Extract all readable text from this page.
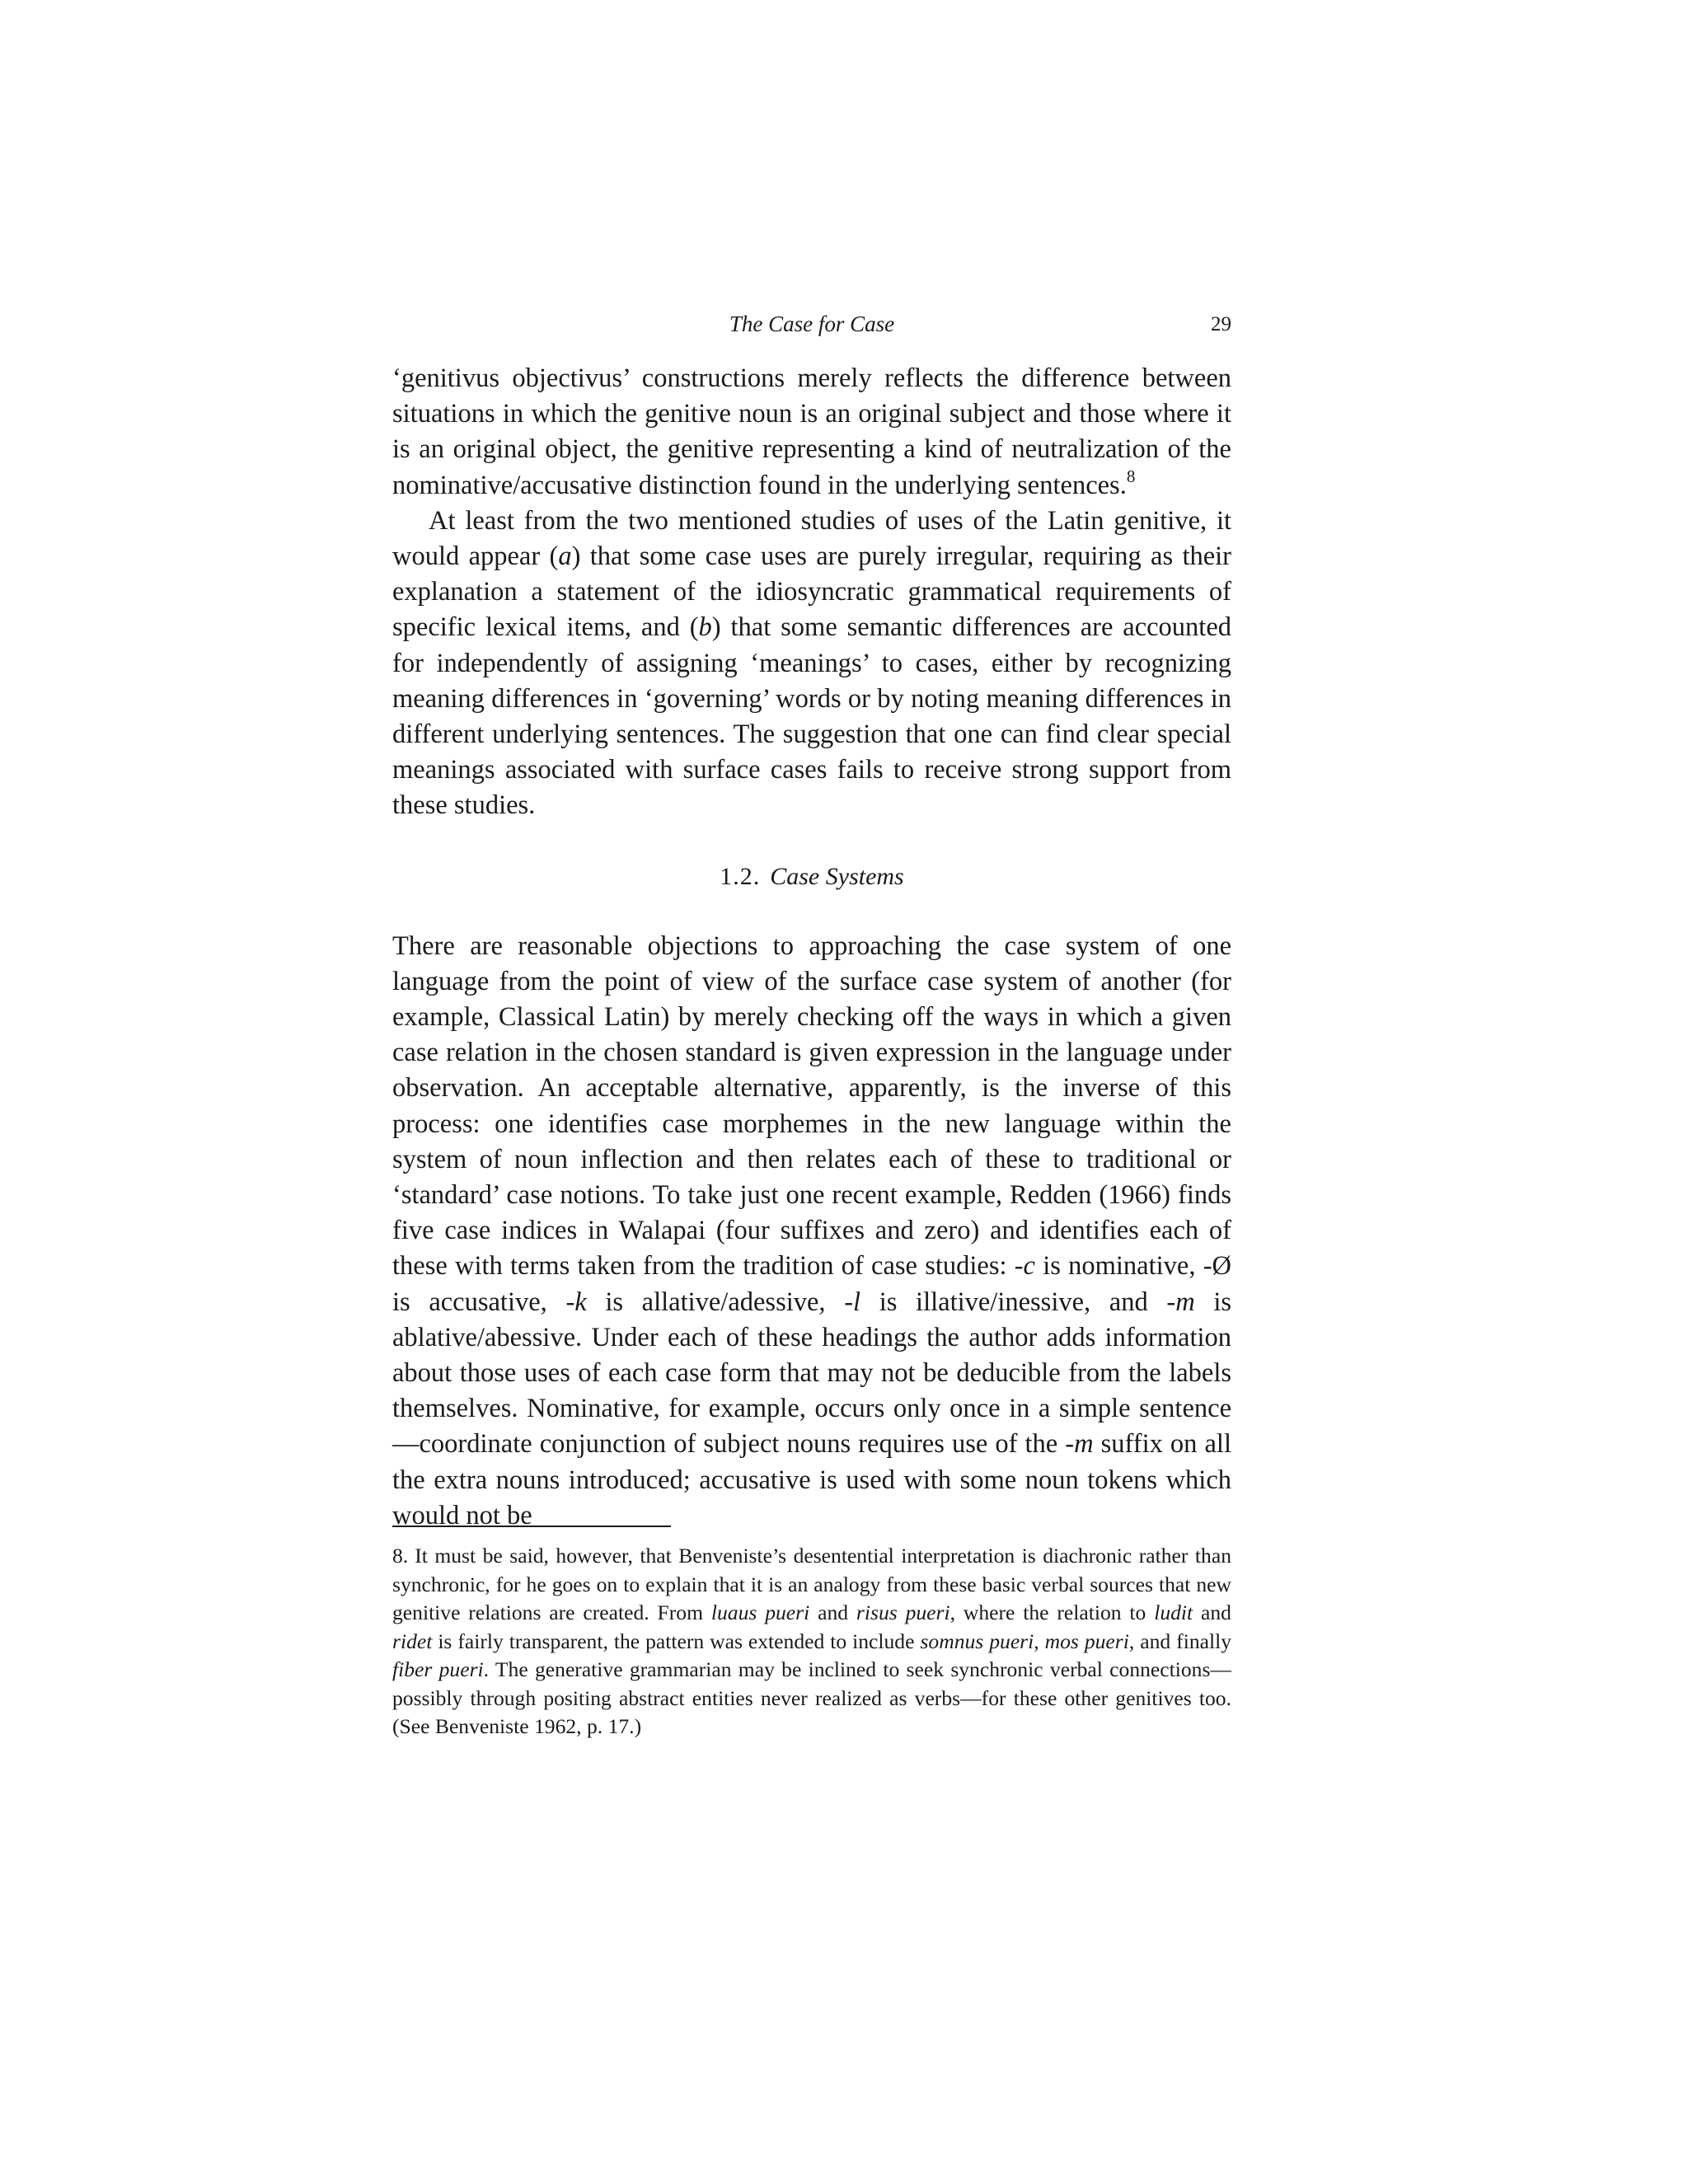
The Case for Case	29

‘genitivus objectivus’ constructions merely reflects the difference between situations in which the genitive noun is an original subject and those where it is an original object, the genitive representing a kind of neutralization of the nominative/accusative distinction found in the underlying sentences.$^8$

At least from the two mentioned studies of uses of the Latin genitive, it would appear (a) that some case uses are purely irregular, requiring as their explanation a statement of the idiosyncratic grammatical requirements of specific lexical items, and (b) that some semantic differences are accounted for independently of assigning ‘meanings’ to cases, either by recognizing meaning differences in ‘governing’ words or by noting meaning differences in different underlying sentences. The suggestion that one can find clear special meanings associated with surface cases fails to receive strong support from these studies.

1.2. Case Systems

There are reasonable objections to approaching the case system of one language from the point of view of the surface case system of another (for example, Classical Latin) by merely checking off the ways in which a given case relation in the chosen standard is given expression in the language under observation. An acceptable alternative, apparently, is the inverse of this process: one identifies case morphemes in the new language within the system of noun inflection and then relates each of these to traditional or ‘standard’ case notions. To take just one recent example, Redden (1966) finds five case indices in Walapai (four suffixes and zero) and identifies each of these with terms taken from the tradition of case studies: -c is nominative, -Ø is accusative, -k is allative/adessive, -l is illative/inessive, and -m is ablative/abessive. Under each of these headings the author adds information about those uses of each case form that may not be deducible from the labels themselves. Nominative, for example, occurs only once in a simple sentence—coordinate conjunction of subject nouns requires use of the -m suffix on all the extra nouns introduced; accusative is used with some noun tokens which would not be

8. It must be said, however, that Benveniste’s desentential interpretation is diachronic rather than synchronic, for he goes on to explain that it is an analogy from these basic verbal sources that new genitive relations are created. From luaus pueri and risus pueri, where the relation to ludit and ridet is fairly transparent, the pattern was extended to include somnus pueri, mos pueri, and finally fiber pueri. The generative grammarian may be inclined to seek synchronic verbal connections—possibly through positing abstract entities never realized as verbs—for these other genitives too. (See Benveniste 1962, p. 17.)
